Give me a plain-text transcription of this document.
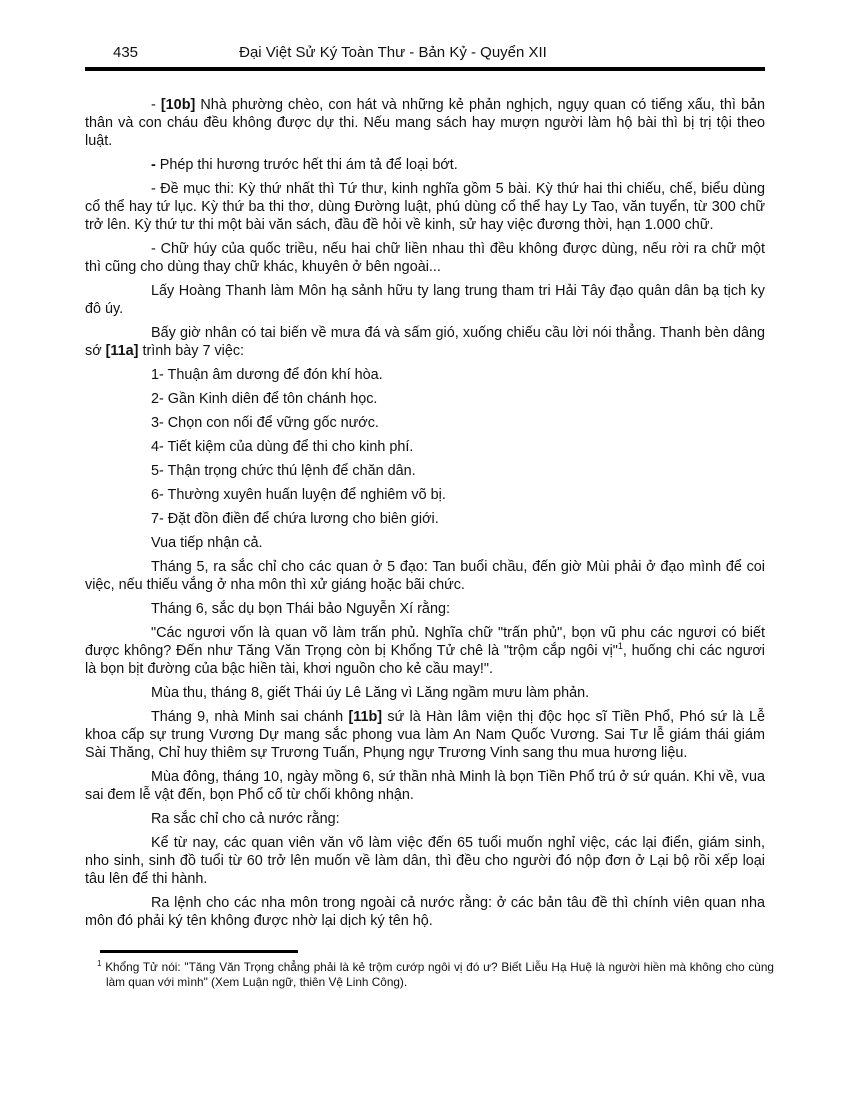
435	Đại Việt Sử Ký Toàn Thư - Bản Kỷ - Quyển XII

- [10b] Nhà phường chèo, con hát và những kẻ phản nghịch, ngụy quan có tiếng xấu, thì bản thân và con cháu đều không được dự thi. Nếu mang sách hay mượn người làm hộ bài thì bị trị tội theo luật.

- Phép thi hương trước hết thi ám tả để loại bớt.

- Đề mục thi: Kỳ thứ nhất thì Tứ thư, kinh nghĩa gồm 5 bài. Kỳ thứ hai thi chiếu, chế, biểu dùng cổ thể hay tứ lục. Kỳ thứ ba thi thơ, dùng Đường luật, phú dùng cổ thể hay Ly Tao, văn tuyển, từ 300 chữ trở lên. Kỳ thứ tư thi một bài văn sách, đầu đề hỏi về kinh, sử hay việc đương thời, hạn 1.000 chữ.

- Chữ húy của quốc triều, nếu hai chữ liền nhau thì đều không được dùng, nếu rời ra chữ một thì cũng cho dùng thay chữ khác, khuyên ở bên ngoài...

Lấy Hoàng Thanh làm Môn hạ sảnh hữu ty lang trung tham tri Hải Tây đạo quân dân bạ tịch ky đô úy.

Bấy giờ nhân có tai biến về mưa đá và sấm gió, xuống chiếu cầu lời nói thẳng. Thanh bèn dâng sớ [11a] trình bày 7 việc:

1- Thuận âm dương để đón khí hòa.

2- Gần Kinh diên để tôn chánh học.

3- Chọn con nối để vững gốc nước.

4- Tiết kiệm của dùng để thi cho kinh phí.

5- Thận trọng chức thú lệnh để chăn dân.

6- Thường xuyên huấn luyện để nghiêm võ bị.

7- Đặt đồn điền để chứa lương cho biên giới.

Vua tiếp nhận cả.

Tháng 5, ra sắc chỉ cho các quan ở 5 đạo: Tan buổi chầu, đến giờ Mùi phải ở đạo mình để coi việc, nếu thiếu vắng ở nha môn thì xử giáng hoặc bãi chức.

Tháng 6, sắc dụ bọn Thái bảo Nguyễn Xí rằng:

"Các ngươi vốn là quan võ làm trấn phủ. Nghĩa chữ "trấn phủ", bọn vũ phu các ngươi có biết được không? Đến như Tăng Văn Trọng còn bị Khổng Tử chê là "trộm cắp ngôi vị"$^1$, huống chi các ngươi là bọn bịt đường của bậc hiền tài, khơi nguồn cho kẻ cầu may!".

Mùa thu, tháng 8, giết Thái úy Lê Lăng vì Lăng ngầm mưu làm phản.

Tháng 9, nhà Minh sai chánh [11b] sứ là Hàn lâm viện thị độc học sĩ Tiền Phổ, Phó sứ là Lễ khoa cấp sự trung Vương Dự mang sắc phong vua làm An Nam Quốc Vương. Sai Tư lễ giám thái giám Sài Thăng, Chỉ huy thiêm sự Trương Tuấn, Phụng ngự Trương Vinh sang thu mua hương liệu.

Mùa đông, tháng 10, ngày mồng 6, sứ thần nhà Minh là bọn Tiền Phổ trú ở sứ quán. Khi về, vua sai đem lễ vật đến, bọn Phổ cố từ chối không nhận.

Ra sắc chỉ cho cả nước rằng:

Kể từ nay, các quan viên văn võ làm việc đến 65 tuổi muốn nghỉ việc, các lại điển, giám sinh, nho sinh, sinh đồ tuổi từ 60 trở lên muốn về làm dân, thì đều cho người đó nộp đơn ở Lại bộ rồi xếp loại tâu lên để thi hành.

Ra lệnh cho các nha môn trong ngoài cả nước rằng: ở các bản tâu đề thì chính viên quan nha môn đó phải ký tên không được nhờ lại dịch ký tên hộ.

$^1$ Khổng Tử nói: "Tăng Văn Trọng chẳng phải là kẻ trộm cướp ngôi vị đó ư? Biết Liễu Hạ Huệ là người hiền mà không cho cùng làm quan với mình" (Xem Luận ngữ, thiên Vệ Linh Công).
